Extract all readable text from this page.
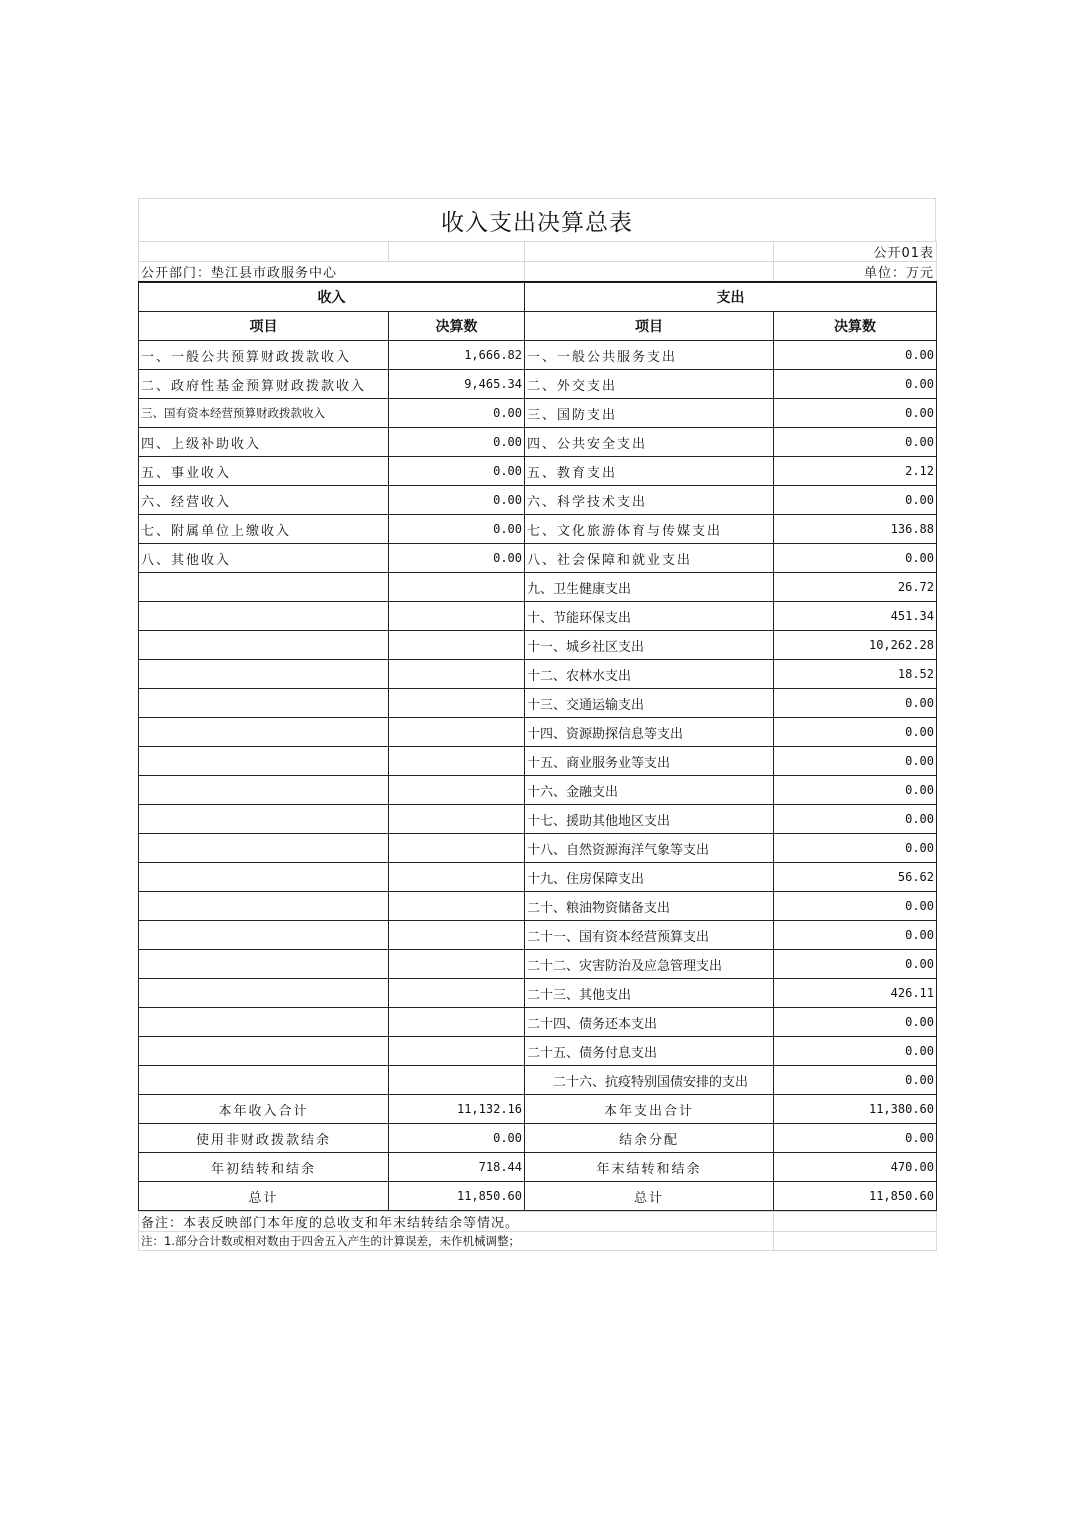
收入支出决算总表
			公开01表
公开部门：垫江县市政服务中心			单位：万元
收入		支出	
项目	决算数	项目	决算数
一、一般公共预算财政拨款收入	1,666.82	一、一般公共服务支出	0.00
二、政府性基金预算财政拨款收入	9,465.34	二、外交支出	0.00
三、国有资本经营预算财政拨款收入	0.00	三、国防支出	0.00
四、上级补助收入	0.00	四、公共安全支出	0.00
五、事业收入	0.00	五、教育支出	2.12
六、经营收入	0.00	六、科学技术支出	0.00
七、附属单位上缴收入	0.00	七、文化旅游体育与传媒支出	136.88
八、其他收入	0.00	八、社会保障和就业支出	0.00
		九、卫生健康支出	26.72
		十、节能环保支出	451.34
		十一、城乡社区支出	10,262.28
		十二、农林水支出	18.52
		十三、交通运输支出	0.00
		十四、资源勘探信息等支出	0.00
		十五、商业服务业等支出	0.00
		十六、金融支出	0.00
		十七、援助其他地区支出	0.00
		十八、自然资源海洋气象等支出	0.00
		十九、住房保障支出	56.62
		二十、粮油物资储备支出	0.00
		二十一、国有资本经营预算支出	0.00
		二十二、灾害防治及应急管理支出	0.00
		二十三、其他支出	426.11
		二十四、债务还本支出	0.00
		二十五、债务付息支出	0.00
		二十六、抗疫特别国债安排的支出	0.00
本年收入合计	11,132.16	本年支出合计	11,380.60
使用非财政拨款结余	0.00	结余分配	0.00
年初结转和结余	718.44	年末结转和结余	470.00
总计	11,850.60	总计	11,850.60
备注：本表反映部门本年度的总收支和年末结转结余等情况。	
注：1.部分合计数或相对数由于四舍五入产生的计算误差，未作机械调整；	
